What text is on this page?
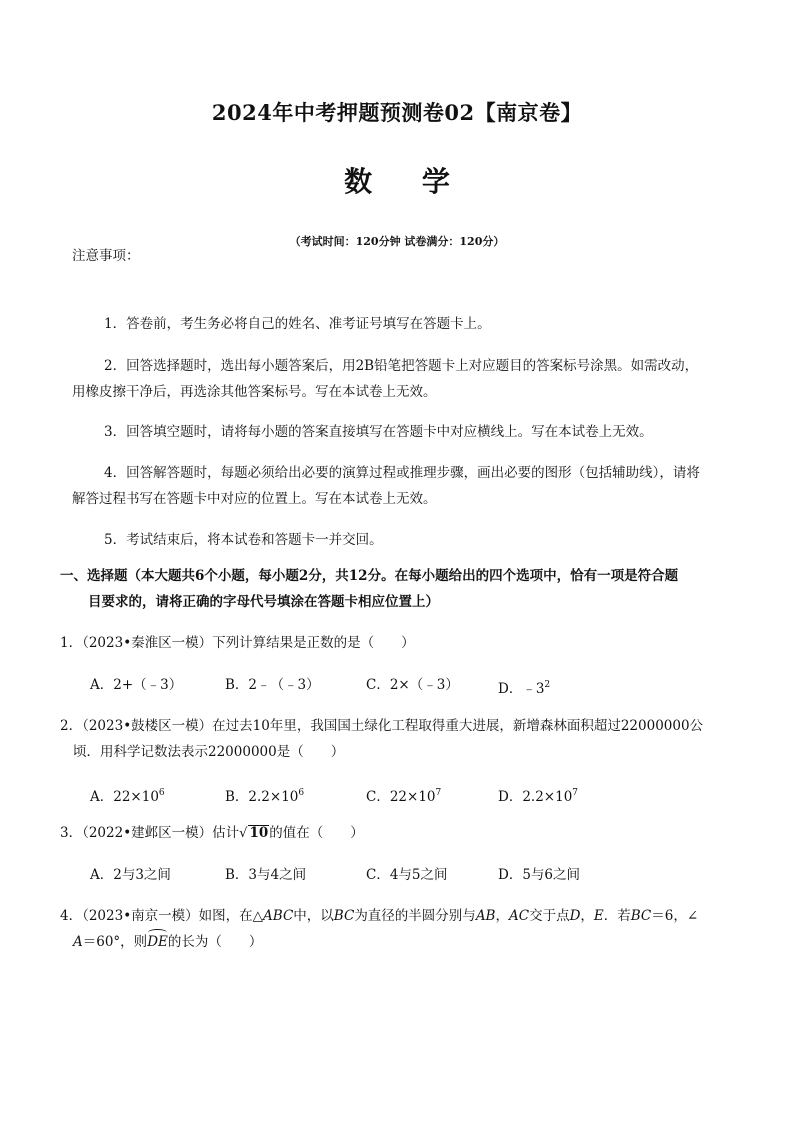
2024年中考押题预测卷02【南京卷】
数 学
（考试时间：120分钟 试卷满分：120分）
注意事项：
1．答卷前，考生务必将自己的姓名、准考证号填写在答题卡上。
2．回答选择题时，选出每小题答案后，用2B铅笔把答题卡上对应题目的答案标号涂黑。如需改动，
用橡皮擦干净后，再选涂其他答案标号。写在本试卷上无效。
3．回答填空题时，请将每小题的答案直接填写在答题卡中对应横线上。写在本试卷上无效。
4．回答解答题时，每题必须给出必要的演算过程或推理步骤，画出必要的图形（包括辅助线），请将
解答过程书写在答题卡中对应的位置上。写在本试卷上无效。
5．考试结束后，将本试卷和答题卡一并交回。
一、选择题（本大题共6个小题，每小题2分，共12分。在每小题给出的四个选项中，恰有一项是符合题
目要求的，请将正确的字母代号填涂在答题卡相应位置上）
1．（2023•秦淮区一模）下列计算结果是正数的是（　　）
A．2+（﹣3）	B．2﹣（﹣3）	C．2×（﹣3）	D．$﹣3^2$
2．（2023•鼓楼区一模）在过去10年里，我国国土绿化工程取得重大进展，新增森林面积超过22000000公
顷．用科学记数法表示22000000是（　　）
A．$22\times 10^6$	B．$2.2\times 10^6$	C．$22\times 10^7$	D．$2.2\times 10^7$
3．（2022•建邺区一模）估计√ 10的值在（　　）
A．2与3之间	B．3与4之间	C．4与5之间	D．5与6之间
4．（2023•南京一模）如图，在△ABC中，以BC为直径的半圆分别与AB，AC交于点D，E．若BC＝6，∠
A＝60°，则DE的长为（　　）
